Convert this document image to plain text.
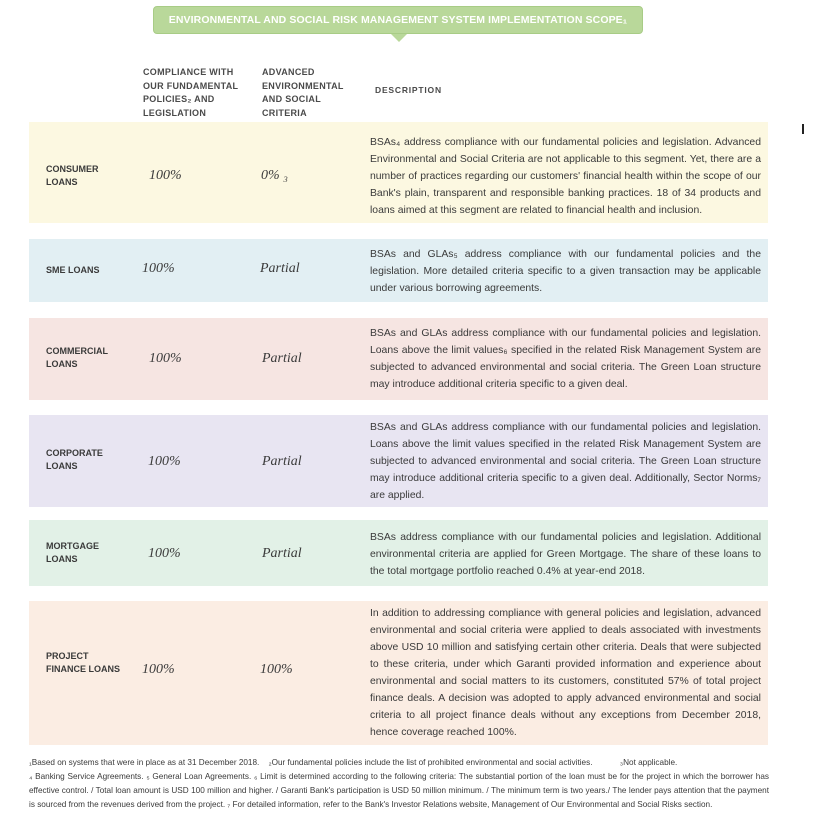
ENVIRONMENTAL AND SOCIAL RISK MANAGEMENT SYSTEM IMPLEMENTATION SCOPE₁
COMPLIANCE WITH OUR FUNDAMENTAL POLICIES₂ AND LEGISLATION
ADVANCED ENVIRONMENTAL AND SOCIAL CRITERIA
DESCRIPTION
CONSUMER LOANS	100%	0% ₃
BSAs₄ address compliance with our fundamental policies and legislation. Advanced Environmental and Social Criteria are not applicable to this segment. Yet, there are a number of practices regarding our customers' financial health within the scope of our Bank's plain, transparent and responsible banking practices. 18 of 34 products and loans aimed at this segment are related to financial health and inclusion.
SME LOANS	100%	Partial
BSAs and GLAs₅ address compliance with our fundamental policies and the legislation. More detailed criteria specific to a given transaction may be applicable under various borrowing agreements.
COMMERCIAL LOANS	100%	Partial
BSAs and GLAs address compliance with our fundamental policies and legislation. Loans above the limit values₆ specified in the related Risk Management System are subjected to advanced environmental and social criteria. The Green Loan structure may introduce additional criteria specific to a given deal.
CORPORATE LOANS	100%	Partial
BSAs and GLAs address compliance with our fundamental policies and legislation. Loans above the limit values specified in the related Risk Management System are subjected to advanced environmental and social criteria. The Green Loan structure may introduce additional criteria specific to a given deal. Additionally, Sector Norms₇ are applied.
MORTGAGE LOANS	100%	Partial
BSAs address compliance with our fundamental policies and legislation. Additional environmental criteria are applied for Green Mortgage. The share of these loans to the total mortgage portfolio reached 0.4% at year-end 2018.
PROJECT FINANCE LOANS	100%	100%
In addition to addressing compliance with general policies and legislation, advanced environmental and social criteria were applied to deals associated with investments above USD 10 million and satisfying certain other criteria. Deals that were subjected to these criteria, under which Garanti provided information and experience about environmental and social matters to its customers, constituted 57% of total project finance deals. A decision was adopted to apply advanced environmental and social criteria to all project finance deals without any exceptions from December 2018, hence coverage reached 100%.
₁Based on systems that were in place as at 31 December 2018. ₂Our fundamental policies include the list of prohibited environmental and social activities.	₃Not applicable.
₄ Banking Service Agreements. ₅ General Loan Agreements. ₆ Limit is determined according to the following criteria: The substantial portion of the loan must be for the project in which the borrower has effective control. / Total loan amount is USD 100 million and higher. / Garanti Bank's participation is USD 50 million minimum. / The minimum term is two years./ The lender pays attention that the payment is sourced from the revenues derived from the project. ₇ For detailed information, refer to the Bank's Investor Relations website, Management of Our Environmental and Social Risks section.
